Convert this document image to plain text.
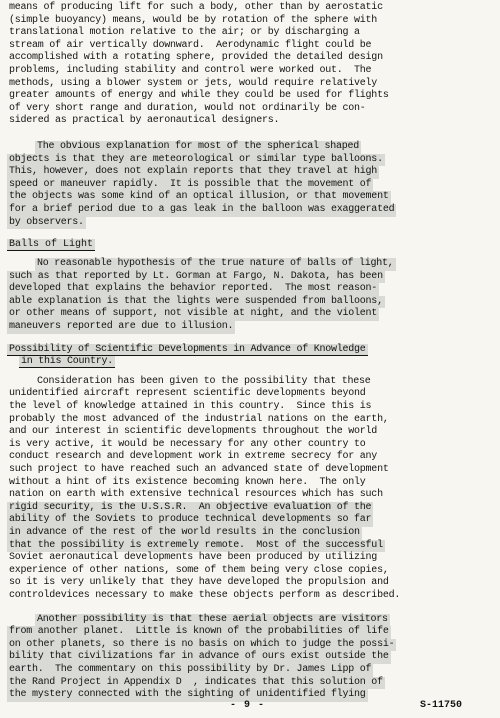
means of producing lift for such a body, other than by aerostatic
(simple buoyancy) means, would be by rotation of the sphere with
translational motion relative to the air; or by discharging a
stream of air vertically downward.  Aerodynamic flight could be
accomplished with a rotating sphere, provided the detailed design
problems, including stability and control were worked out.  The
methods, using a blower system or jets, would require relatively
greater amounts of energy and while they could be used for flights
of very short range and duration, would not ordinarily be con-
sidered as practical by aeronautical designers.
The obvious explanation for most of the spherical shaped
objects is that they are meteorological or similar type balloons.
This, however, does not explain reports that they travel at high
speed or maneuver rapidly.  It is possible that the movement of
the objects was some kind of an optical illusion, or that movement
for a brief period due to a gas leak in the balloon was exaggerated
by observers.
Balls of Light
No reasonable hypothesis of the true nature of balls of light,
such as that reported by Lt. Gorman at Fargo, N. Dakota, has been
developed that explains the behavior reported.  The most reason-
able explanation is that the lights were suspended from balloons,
or other means of support, not visible at night, and the violent
maneuvers reported are due to illusion.
Possibility of Scientific Developments in Advance of Knowledge
in this Country.
Consideration has been given to the possibility that these
unidentified aircraft represent scientific developments beyond
the level of knowledge attained in this country.  Since this is
probably the most advanced of the industrial nations on the earth,
and our interest in scientific developments throughout the world
is very active, it would be necessary for any other country to
conduct research and development work in extreme secrecy for any
such project to have reached such an advanced state of development
without a hint of its existence becoming known here.  The only
nation on earth with extensive technical resources which has such
rigid security, is the U.S.S.R.  An objective evaluation of the
ability of the Soviets to produce technical developments so far
in advance of the rest of the world results in the conclusion
that the possibility is extremely remote.  Most of the successful
Soviet aeronautical developments have been produced by utilizing
experience of other nations, some of them being very close copies,
so it is very unlikely that they have developed the propulsion and
controldevices necessary to make these objects perform as described.
Another possibility is that these aerial objects are visitors
from another planet.  Little is known of the probabilities of life
on other planets, so there is no basis on which to judge the possi-
bility that civilizations far in advance of ours exist outside the
earth.  The commentary on this possibility by Dr. James Lipp of
the Rand Project in Appendix D  , indicates that this solution of
the mystery connected with the sighting of unidentified flying
- 9 -	S-11750
